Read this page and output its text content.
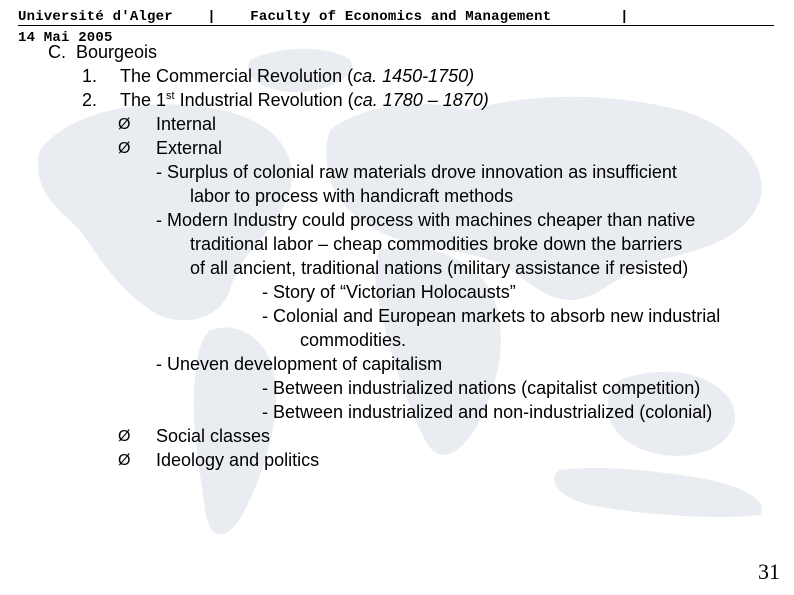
Université d'Alger | Faculty of Economics and Management	|
14 Mai 2005
C. Bourgeois
1. The Commercial Revolution (ca. 1450-1750)
2. The 1st Industrial Revolution (ca. 1780 – 1870)
Ø Internal
Ø External
- Surplus of colonial raw materials drove innovation as insufficient
labor to process with handicraft methods
- Modern Industry could process with machines cheaper than native
traditional labor – cheap commodities broke down the barriers
of all ancient, traditional nations (military assistance if resisted)
- Story of “Victorian Holocausts”
- Colonial and European markets to absorb new industrial
commodities.
- Uneven development of capitalism
- Between industrialized nations (capitalist competition)
- Between industrialized and non-industrialized (colonial)
Ø Social classes
Ø Ideology and politics
31
